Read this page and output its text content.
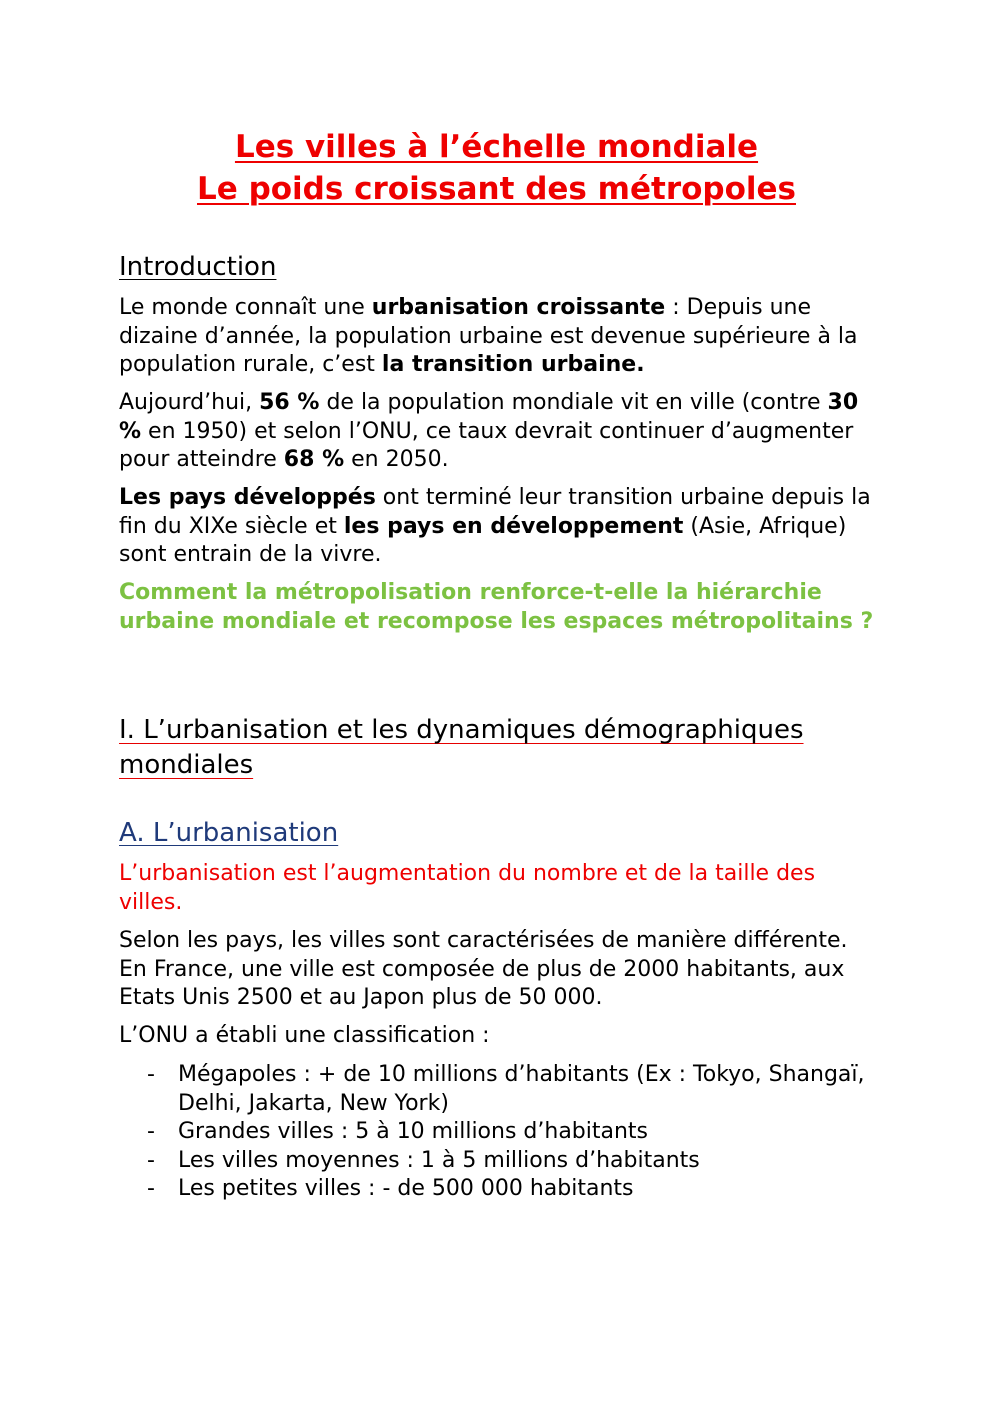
Les villes à l’échelle mondiale
Le poids croissant des métropoles
Introduction
Le monde connaît une urbanisation croissante : Depuis une dizaine d’année, la population urbaine est devenue supérieure à la population rurale, c’est la transition urbaine.
Aujourd’hui, 56 % de la population mondiale vit en ville (contre 30 % en 1950) et selon l’ONU, ce taux devrait continuer d’augmenter pour atteindre 68 % en 2050.
Les pays développés ont terminé leur transition urbaine depuis la fin du XIXe siècle et les pays en développement (Asie, Afrique) sont entrain de la vivre.
Comment la métropolisation renforce-t-elle la hiérarchie urbaine mondiale et recompose les espaces métropolitains ?
I. L’urbanisation et les dynamiques démographiques
mondiales
A. L’urbanisation
L’urbanisation est l’augmentation du nombre et de la taille des villes.
Selon les pays, les villes sont caractérisées de manière différente. En France, une ville est composée de plus de 2000 habitants, aux Etats Unis 2500 et au Japon plus de 50 000.
L’ONU a établi une classification :
- Mégapoles : + de 10 millions d’habitants (Ex : Tokyo, Shangaï, Delhi, Jakarta, New York)
- Grandes villes : 5 à 10 millions d’habitants
- Les villes moyennes : 1 à 5 millions d’habitants
- Les petites villes : - de 500 000 habitants
